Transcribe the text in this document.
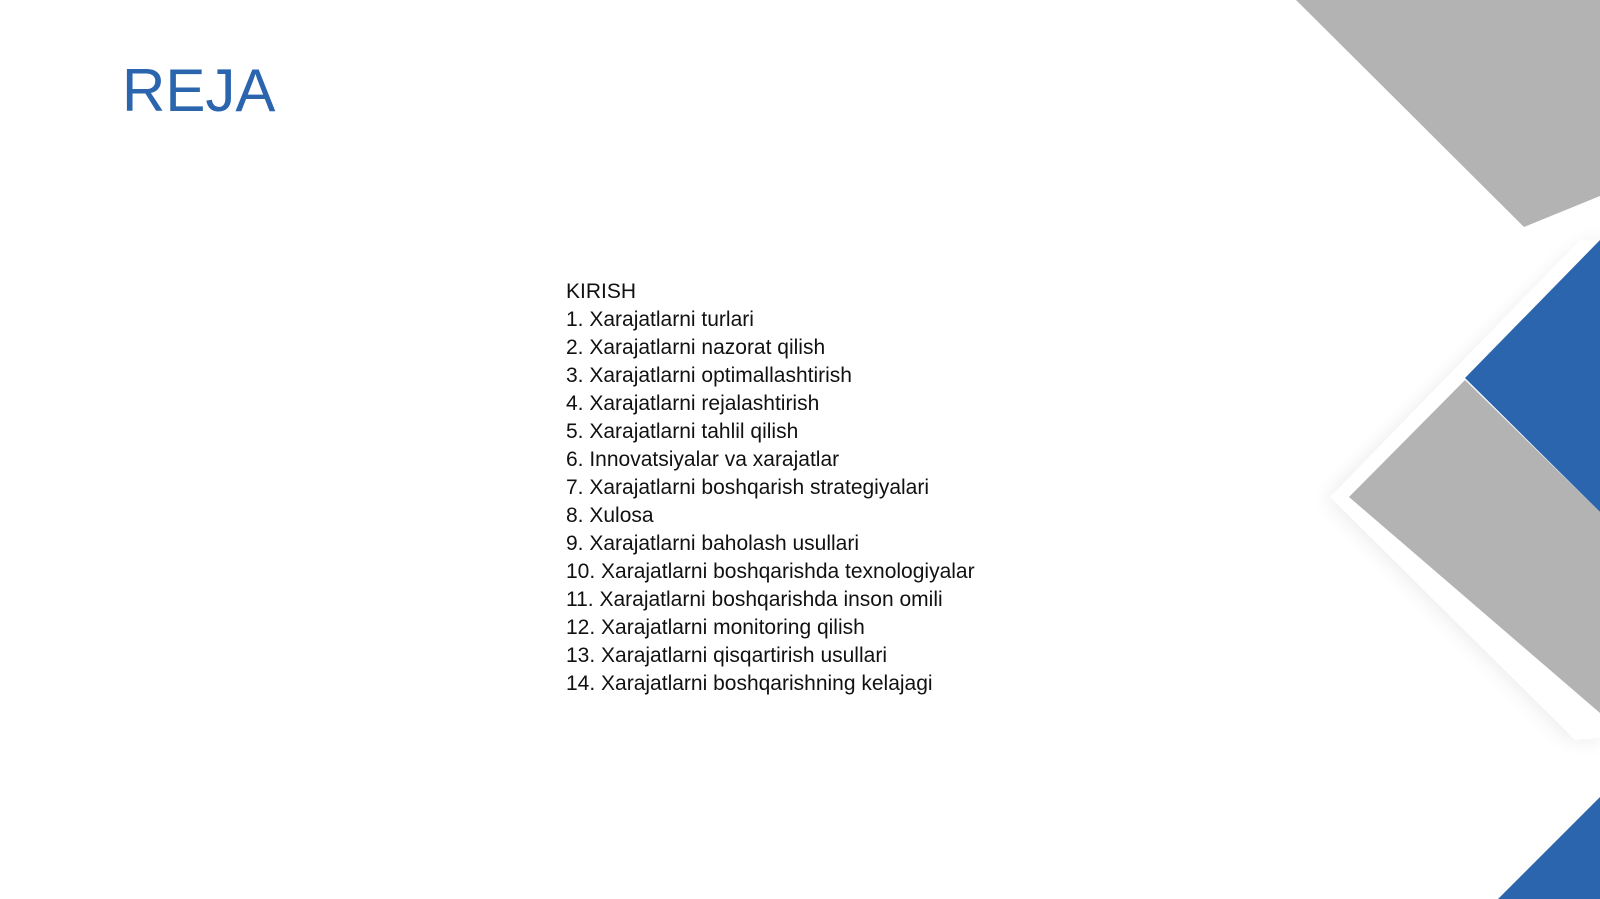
REJA
KIRISH
1. Xarajatlarni turlari
2. Xarajatlarni nazorat qilish
3. Xarajatlarni optimallashtirish
4. Xarajatlarni rejalashtirish
5. Xarajatlarni tahlil qilish
6. Innovatsiyalar va xarajatlar
7. Xarajatlarni boshqarish strategiyalari
8. Xulosa
9. Xarajatlarni baholash usullari
10. Xarajatlarni boshqarishda texnologiyalar
11. Xarajatlarni boshqarishda inson omili
12. Xarajatlarni monitoring qilish
13. Xarajatlarni qisqartirish usullari
14. Xarajatlarni boshqarishning kelajagi
